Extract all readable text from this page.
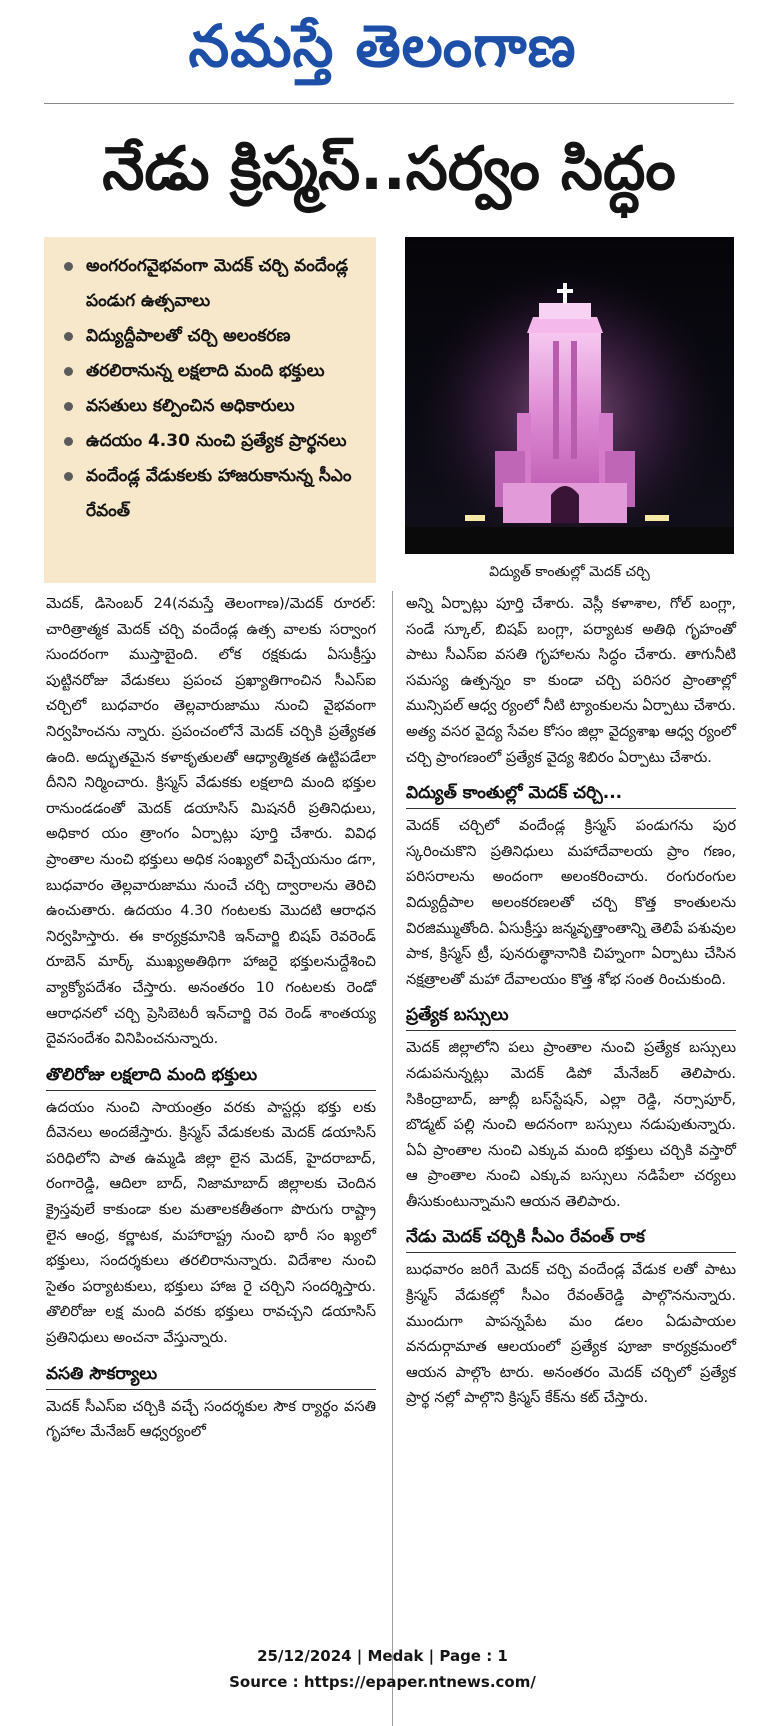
నమస్తే తెలంగాణ
నేడు క్రిస్మస్..సర్వం సిద్ధం
అంగరంగవైభవంగా మెదక్ చర్చి వందేండ్ల పండుగ ఉత్సవాలు
విద్యుద్దీపాలతో చర్చి అలంకరణ
తరలిరానున్న లక్షలాది మంది భక్తులు
వసతులు కల్పించిన అధికారులు
ఉదయం 4.30 నుంచి ప్రత్యేక ప్రార్థనలు
వందేండ్ల వేడుకలకు హాజరుకానున్న సీఎం రేవంత్
విద్యుత్ కాంతుల్లో మెదక్ చర్చి

మెదక్, డిసెంబర్ 24(నమస్తే తెలంగాణ)/మెదక్ రూరల్: చారిత్రాత్మక మెదక్ చర్చి వందేండ్ల ఉత్స వాలకు సర్వాంగ సుందరంగా ముస్తాబైంది. లోక రక్షకుడు ఏసుక్రీస్తు పుట్టినరోజు వేడుకలు ప్రపంచ ప్రఖ్యాతిగాంచిన సీఎస్ఐ చర్చిలో బుధవారం తెల్లవారుజాము నుంచి వైభవంగా నిర్వహించను న్నారు. ప్రపంచంలోనే మెదక్ చర్చికి ప్రత్యేకత ఉంది. అద్భుతమైన కళాకృతులతో ఆధ్యాత్మికత ఉట్టిపడేలా దీనిని నిర్మించారు. క్రిస్మస్ వేడుకకు లక్షలాది మంది భక్తుల రానుండడంతో మెదక్ డయాసిస్ మిషనరీ ప్రతినిధులు, అధికార యం త్రాంగం ఏర్పాట్లు పూర్తి చేశారు. వివిధ ప్రాంతాల నుంచి భక్తులు అధిక సంఖ్యలో విచ్చేయనుం డగా, బుధవారం తెల్లవారుజాము నుంచే చర్చి ద్వారాలను తెరిచి ఉంచుతారు. ఉదయం 4.30 గంటలకు మొదటి ఆరాధన నిర్వహిస్తారు. ఈ కార్యక్రమానికి ఇన్‌చార్జి బిషప్ రెవరెండ్ రూబెన్ మార్క్ ముఖ్యఅతిథిగా హాజరై భక్తులనుద్దేశించి వ్యాక్యోపదేశం చేస్తారు. అనంతరం 10 గంటలకు రెండో ఆరాధనలో చర్చి ప్రెసిబెటరీ ఇన్‌చార్జి రెవ రెండ్ శాంతయ్య దైవసందేశం వినిపించనున్నారు.

తొలిరోజు లక్షలాది మంది భక్తులు

ఉదయం నుంచి సాయంత్రం వరకు పాస్టర్లు భక్తు లకు దీవెనలు అందజేస్తారు. క్రిస్మస్ వేడుకలకు మెదక్ డయాసిస్ పరిధిలోని పాత ఉమ్మడి జిల్లా లైన మెదక్, హైదరాబాద్, రంగారెడ్డి, ఆదిలా బాద్, నిజామాబాద్ జిల్లాలకు చెందిన క్రైస్తవులే కాకుండా కుల మతాలకతీతంగా పొరుగు రాష్ట్రా లైన ఆంధ్ర, కర్ణాటక, మహారాష్ట్ర నుంచి భారీ సం ఖ్యలో భక్తులు, సందర్శకులు తరలిరానున్నారు. విదేశాల నుంచి సైతం పర్యాటకులు, భక్తులు హాజ రై చర్చిని సందర్శిస్తారు. తొలిరోజు లక్ష మంది వరకు భక్తులు రావచ్చని డయాసిస్ ప్రతినిధులు అంచనా వేస్తున్నారు.

వసతి సౌకర్యాలు

మెదక్ సీఎస్ఐ చర్చికి వచ్చే సందర్శకుల సౌక ర్యార్థం వసతి గృహాల మేనేజర్ ఆధ్వర్యంలో

అన్ని ఏర్పాట్లు పూర్తి చేశారు. వెస్లీ కళాశాల, గోల్ బంగ్లా, సండే స్కూల్, బిషప్ బంగ్లా, పర్యాటక అతిథి గృహంతో పాటు సీఎస్ఐ వసతి గృహాలను సిద్ధం చేశారు. తాగునీటి సమస్య ఉత్పన్నం కా కుండా చర్చి పరిసర ప్రాంతాల్లో మున్సిపల్ ఆధ్వ ర్యంలో నీటి ట్యాంకులను ఏర్పాటు చేశారు. అత్య వసర వైద్య సేవల కోసం జిల్లా వైద్యశాఖ ఆధ్వ ర్యంలో చర్చి ప్రాంగణంలో ప్రత్యేక వైద్య శిబిరం ఏర్పాటు చేశారు.

విద్యుత్ కాంతుల్లో మెదక్ చర్చి...

మెదక్ చర్చిలో వందేండ్ల క్రిస్మస్ పండుగను పుర స్కరించుకొని ప్రతినిధులు మహాదేవాలయ ప్రాం గణం, పరిసరాలను అందంగా అలంకరించారు. రంగురంగుల విద్యుద్దీపాల అలంకరణలతో చర్చి కొత్త కాంతులను విరజిమ్ముతోంది. ఏసుక్రీస్తు జన్మవృత్తాంతాన్ని తెలిపే పశువుల పాక, క్రిస్మస్ ట్రీ, పునరుత్థానానికి చిహ్నంగా ఏర్పాటు చేసిన నక్షత్రాలతో మహా దేవాలయం కొత్త శోభ సంత రించుకుంది.

ప్రత్యేక బస్సులు

మెదక్ జిల్లాలోని పలు ప్రాంతాల నుంచి ప్రత్యేక బస్సులు నడుపనున్నట్లు మెదక్ డిపో మేనేజర్ తెలిపారు. సికింద్రాబాద్, జూబ్లీ బస్‌స్టేషన్, ఎల్లా రెడ్డి, నర్సాపూర్, బొడ్మట్ పల్లి నుంచి అదనంగా బస్సులు నడుపుతున్నారు. ఏఏ ప్రాంతాల నుంచి ఎక్కువ మంది భక్తులు చర్చికి వస్తారో ఆ ప్రాంతాల నుంచి ఎక్కువ బస్సులు నడిపేలా చర్యలు తీసుకుంటున్నామని ఆయన తెలిపారు.

నేడు మెదక్ చర్చికి సీఎం రేవంత్ రాక

బుధవారం జరిగే మెదక్ చర్చి వందేండ్ల వేడుక లతో పాటు క్రిస్మస్ వేడుకల్లో సీఎం రేవంత్‌రెడ్డి పాల్గొననున్నారు. ముందుగా పాపన్నపేట మం డలం ఏడుపాయల వనదుర్గామాత ఆలయంలో ప్రత్యేక పూజా కార్యక్రమంలో ఆయన పాల్గొం టారు. అనంతరం మెదక్ చర్చిలో ప్రత్యేక ప్రార్థ నల్లో పాల్గొని క్రిస్మస్ కేక్‌ను కట్ చేస్తారు.

25/12/2024 | Medak | Page : 1
Source : https://epaper.ntnews.com/
